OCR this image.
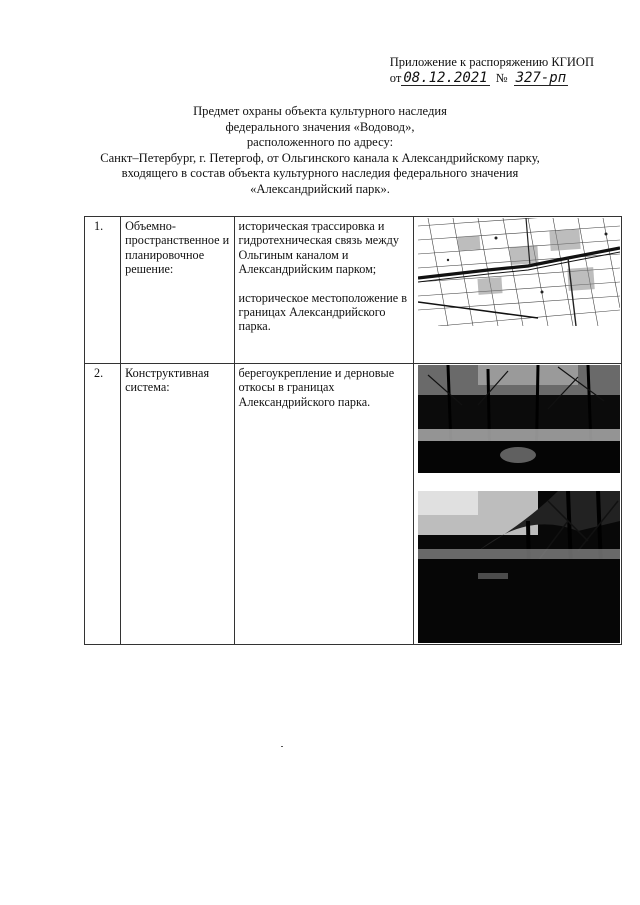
Приложение к распоряжению КГИОП
от 08.12.2021 № 327-рп
Предмет охраны объекта культурного наследия
федерального значения «Водовод»,
расположенного по адресу:
Санкт–Петербург, г. Петергоф, от Ольгинского канала к Александрийскому парку,
входящего в состав объекта культурного наследия федерального значения
«Александрийский парк».
1.	Объемно-пространственное и планировочное решение:	историческая трассировка и гидротехническая связь между Ольгиным каналом и Александрийским парком;
историческое местоположение в границах Александрийского парка.

2.	Конструктивная система:	берегоукрепление и дерновые откосы в границах Александрийского парка.
